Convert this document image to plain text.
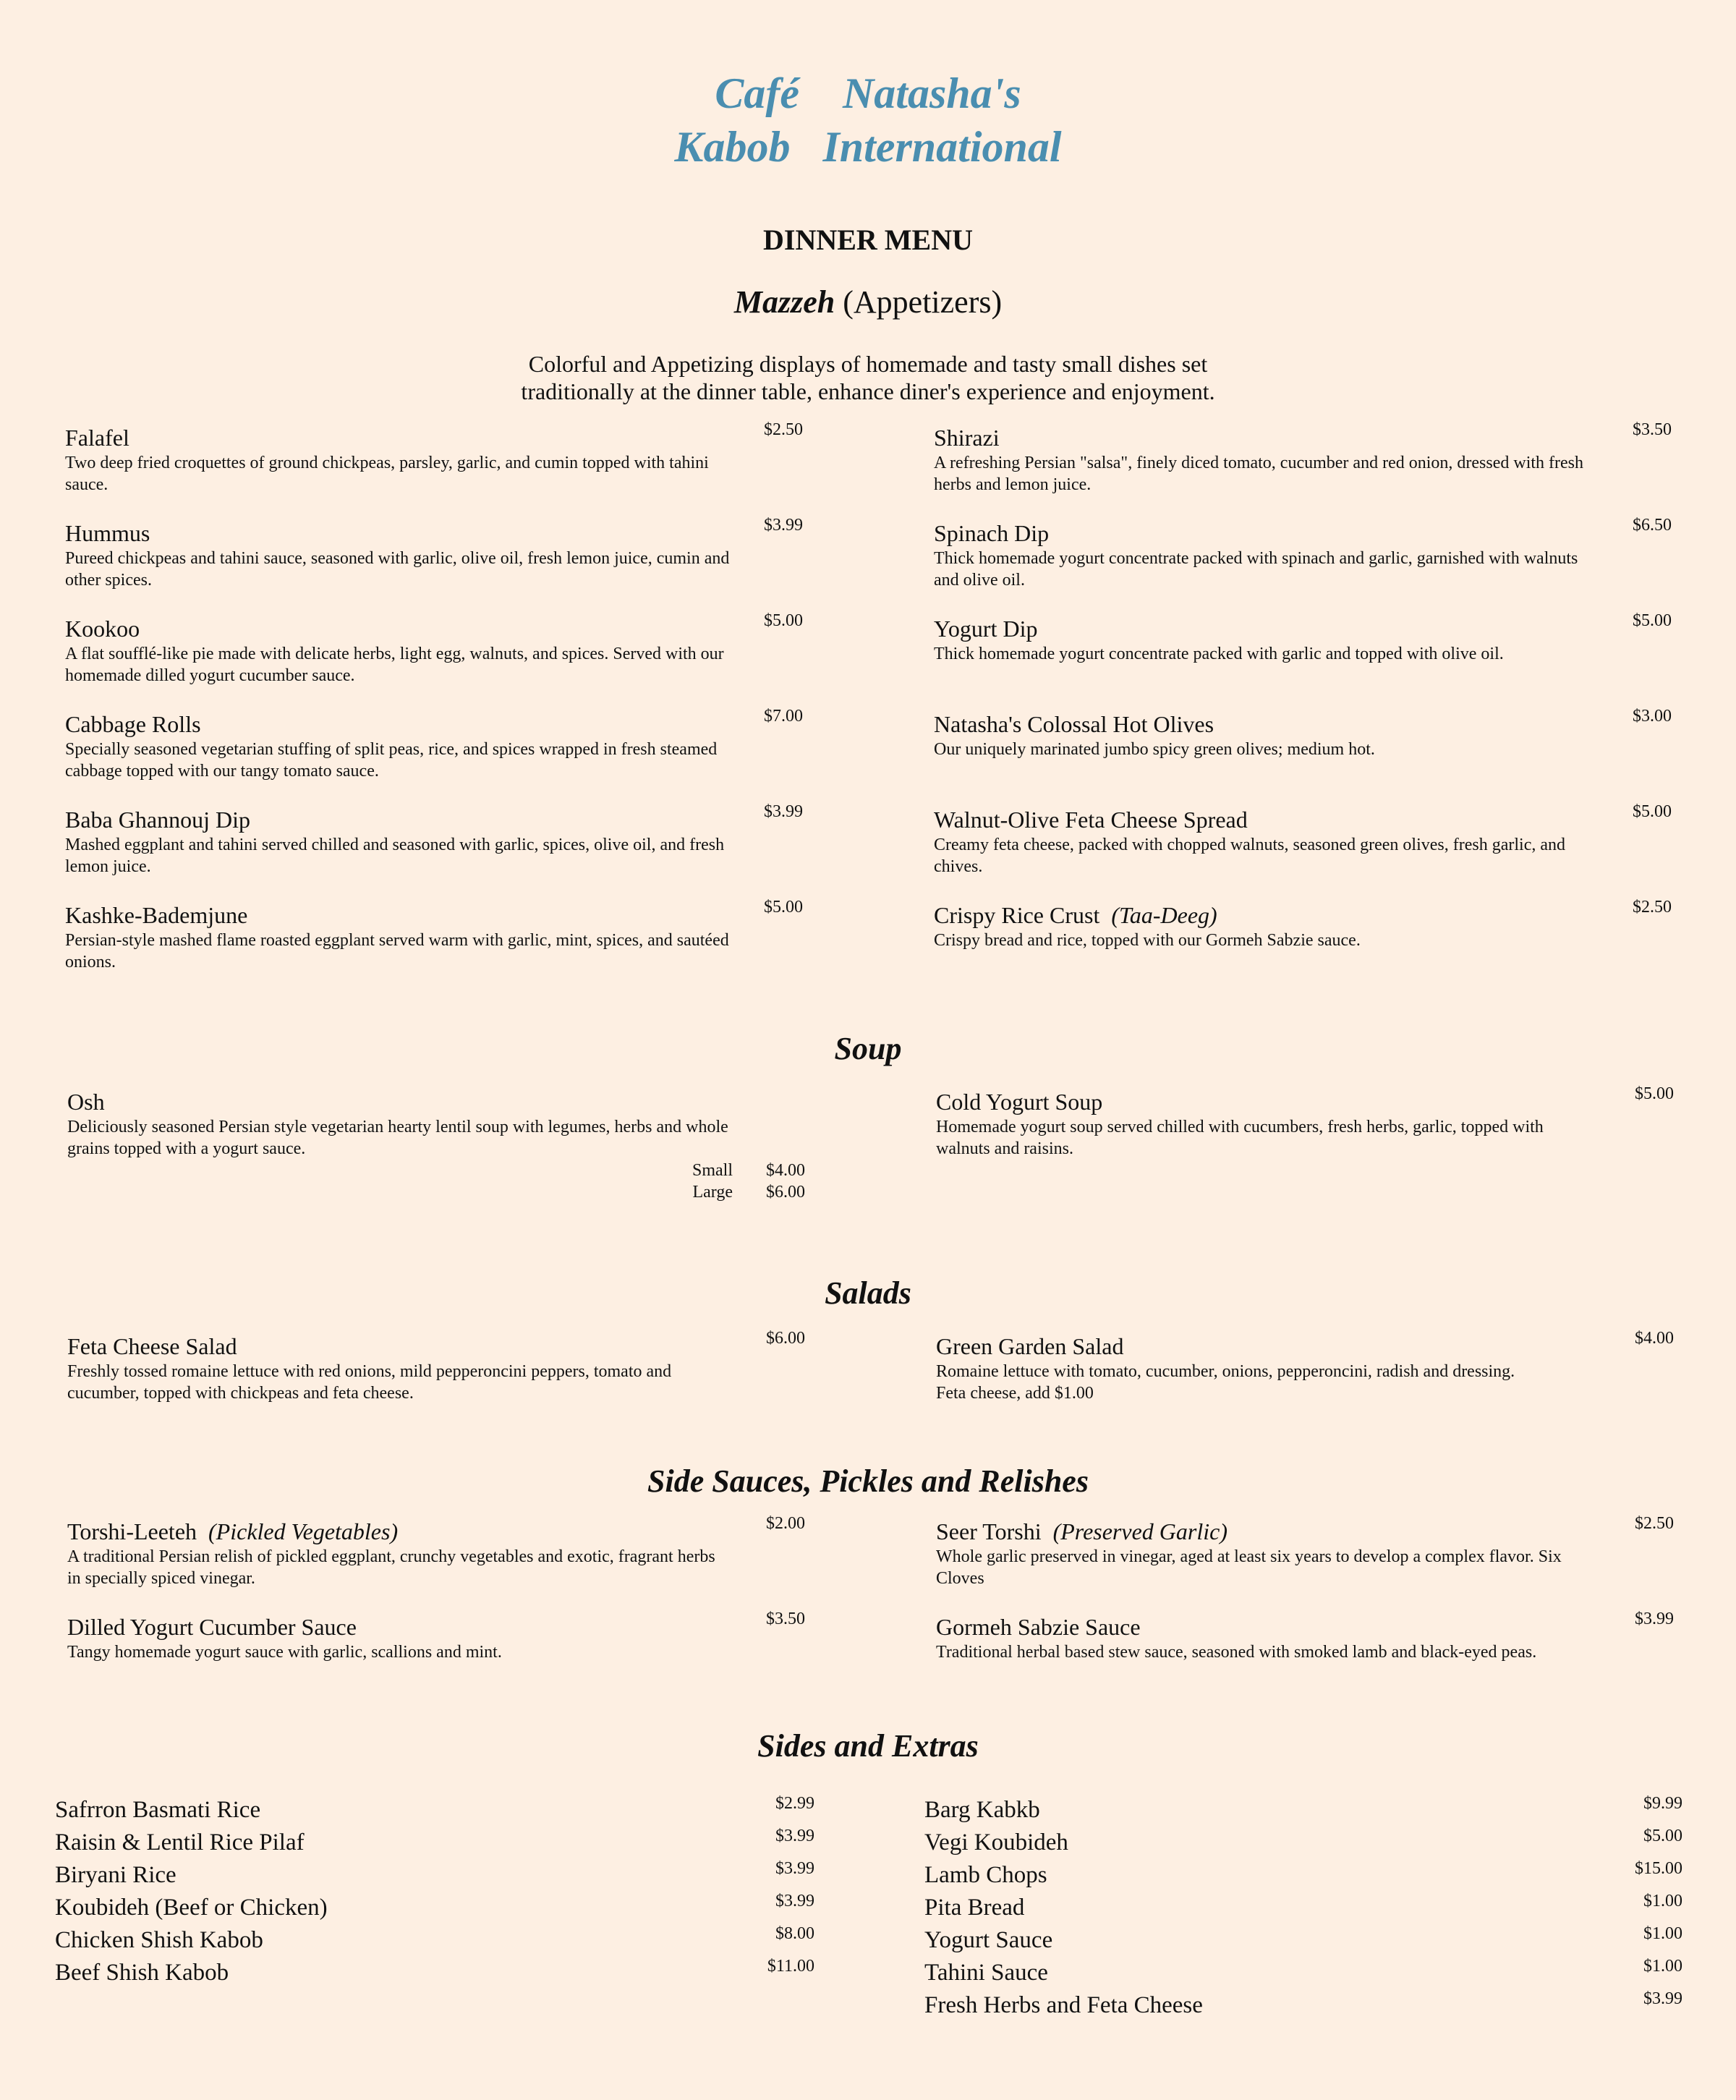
Café    Natasha's
Kabob   International
DINNER MENU
Mazzeh (Appetizers)
Colorful and Appetizing displays of homemade and tasty small dishes set
traditionally at the dinner table, enhance diner's experience and enjoyment.
Falafel
Two deep fried croquettes of ground chickpeas, parsley, garlic, and cumin topped with tahini sauce.
$2.50
Hummus
Pureed chickpeas and tahini sauce, seasoned with garlic, olive oil, fresh lemon juice, cumin and other spices.
$3.99
Kookoo
A flat soufflé-like pie made with delicate herbs, light egg, walnuts, and spices. Served with our homemade dilled yogurt cucumber sauce.
$5.00
Cabbage Rolls
Specially seasoned vegetarian stuffing of split peas, rice, and spices wrapped in fresh steamed cabbage topped with our tangy tomato sauce.
$7.00
Baba Ghannouj Dip
Mashed eggplant and tahini served chilled and seasoned with garlic, spices, olive oil, and fresh lemon juice.
$3.99
Kashke-Bademjune
Persian-style mashed flame roasted eggplant served warm with garlic, mint, spices, and sautéed onions.
$5.00
Shirazi
A refreshing Persian "salsa", finely diced tomato, cucumber and red onion, dressed with fresh herbs and lemon juice.
$3.50
Spinach Dip
Thick homemade yogurt concentrate packed with spinach and garlic, garnished with walnuts and olive oil.
$6.50
Yogurt Dip
Thick homemade yogurt concentrate packed with garlic and topped with olive oil.
$5.00
Natasha's Colossal Hot Olives
Our uniquely marinated jumbo spicy green olives; medium hot.
$3.00
Walnut-Olive Feta Cheese Spread
Creamy feta cheese, packed with chopped walnuts, seasoned green olives, fresh garlic, and chives.
$5.00
Crispy Rice Crust (Taa-Deeg)
Crispy bread and rice, topped with our Gormeh Sabzie sauce.
$2.50
Soup
Osh
Deliciously seasoned Persian style vegetarian hearty lentil soup with legumes, herbs and whole grains topped with a yogurt sauce.
Small $4.00
Large $6.00
Cold Yogurt Soup
Homemade yogurt soup served chilled with cucumbers, fresh herbs, garlic, topped with walnuts and raisins.
$5.00
Salads
Feta Cheese Salad
Freshly tossed romaine lettuce with red onions, mild pepperoncini peppers, tomato and cucumber, topped with chickpeas and feta cheese.
$6.00	Green Garden Salad
Romaine lettuce with tomato, cucumber, onions, pepperoncini, radish and dressing.
Feta cheese, add $1.00
$4.00
Side Sauces, Pickles and Relishes
Torshi-Leeteh (Pickled Vegetables)
A traditional Persian relish of pickled eggplant, crunchy vegetables and exotic, fragrant herbs in specially spiced vinegar.
$2.00	Seer Torshi (Preserved Garlic)
Whole garlic preserved in vinegar, aged at least six years to develop a complex flavor. Six Cloves
$2.50
Dilled Yogurt Cucumber Sauce
Tangy homemade yogurt sauce with garlic, scallions and mint.
$3.50	Gormeh Sabzie Sauce
Traditional herbal based stew sauce, seasoned with smoked lamb and black-eyed peas.
$3.99
Sides and Extras
Safrron Basmati Rice	$2.99
Raisin & Lentil Rice Pilaf	$3.99
Biryani Rice	$3.99
Koubideh (Beef or Chicken)	$3.99
Chicken Shish Kabob	$8.00
Beef Shish Kabob	$11.00
Barg Kabkb	$9.99
Vegi Koubideh	$5.00
Lamb Chops	$15.00
Pita Bread	$1.00
Yogurt Sauce	$1.00
Tahini Sauce	$1.00
Fresh Herbs and Feta Cheese	$3.99
